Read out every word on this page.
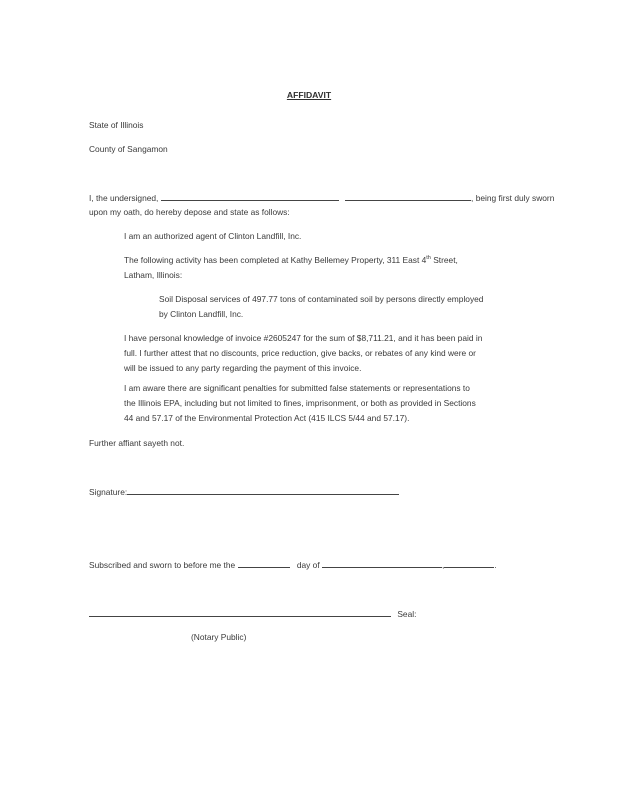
AFFIDAVIT
State of Illinois
County of Sangamon
I, the undersigned,	, being first duly sworn
upon my oath, do hereby depose and state as follows:
I am an authorized agent of Clinton Landfill, Inc.
The following activity has been completed at Kathy Bellemey Property, 311 East 4th Street,
Latham, Illinois:
Soil Disposal services of 497.77 tons of contaminated soil by persons directly employed
by Clinton Landfill, Inc.
I have personal knowledge of invoice #2605247 for the sum of $8,711.21, and it has been paid in
full. I further attest that no discounts, price reduction, give backs, or rebates of any kind were or
will be issued to any party regarding the payment of this invoice.
I am aware there are significant penalties for submitted false statements or representations to
the Illinois EPA, including but not limited to fines, imprisonment, or both as provided in Sections
44 and 57.17 of the Environmental Protection Act (415 ILCS 5/44 and 57.17).
Further affiant sayeth not.
Signature:
Subscribed and sworn to before me the	day of	,	.
Seal:
(Notary Public)
